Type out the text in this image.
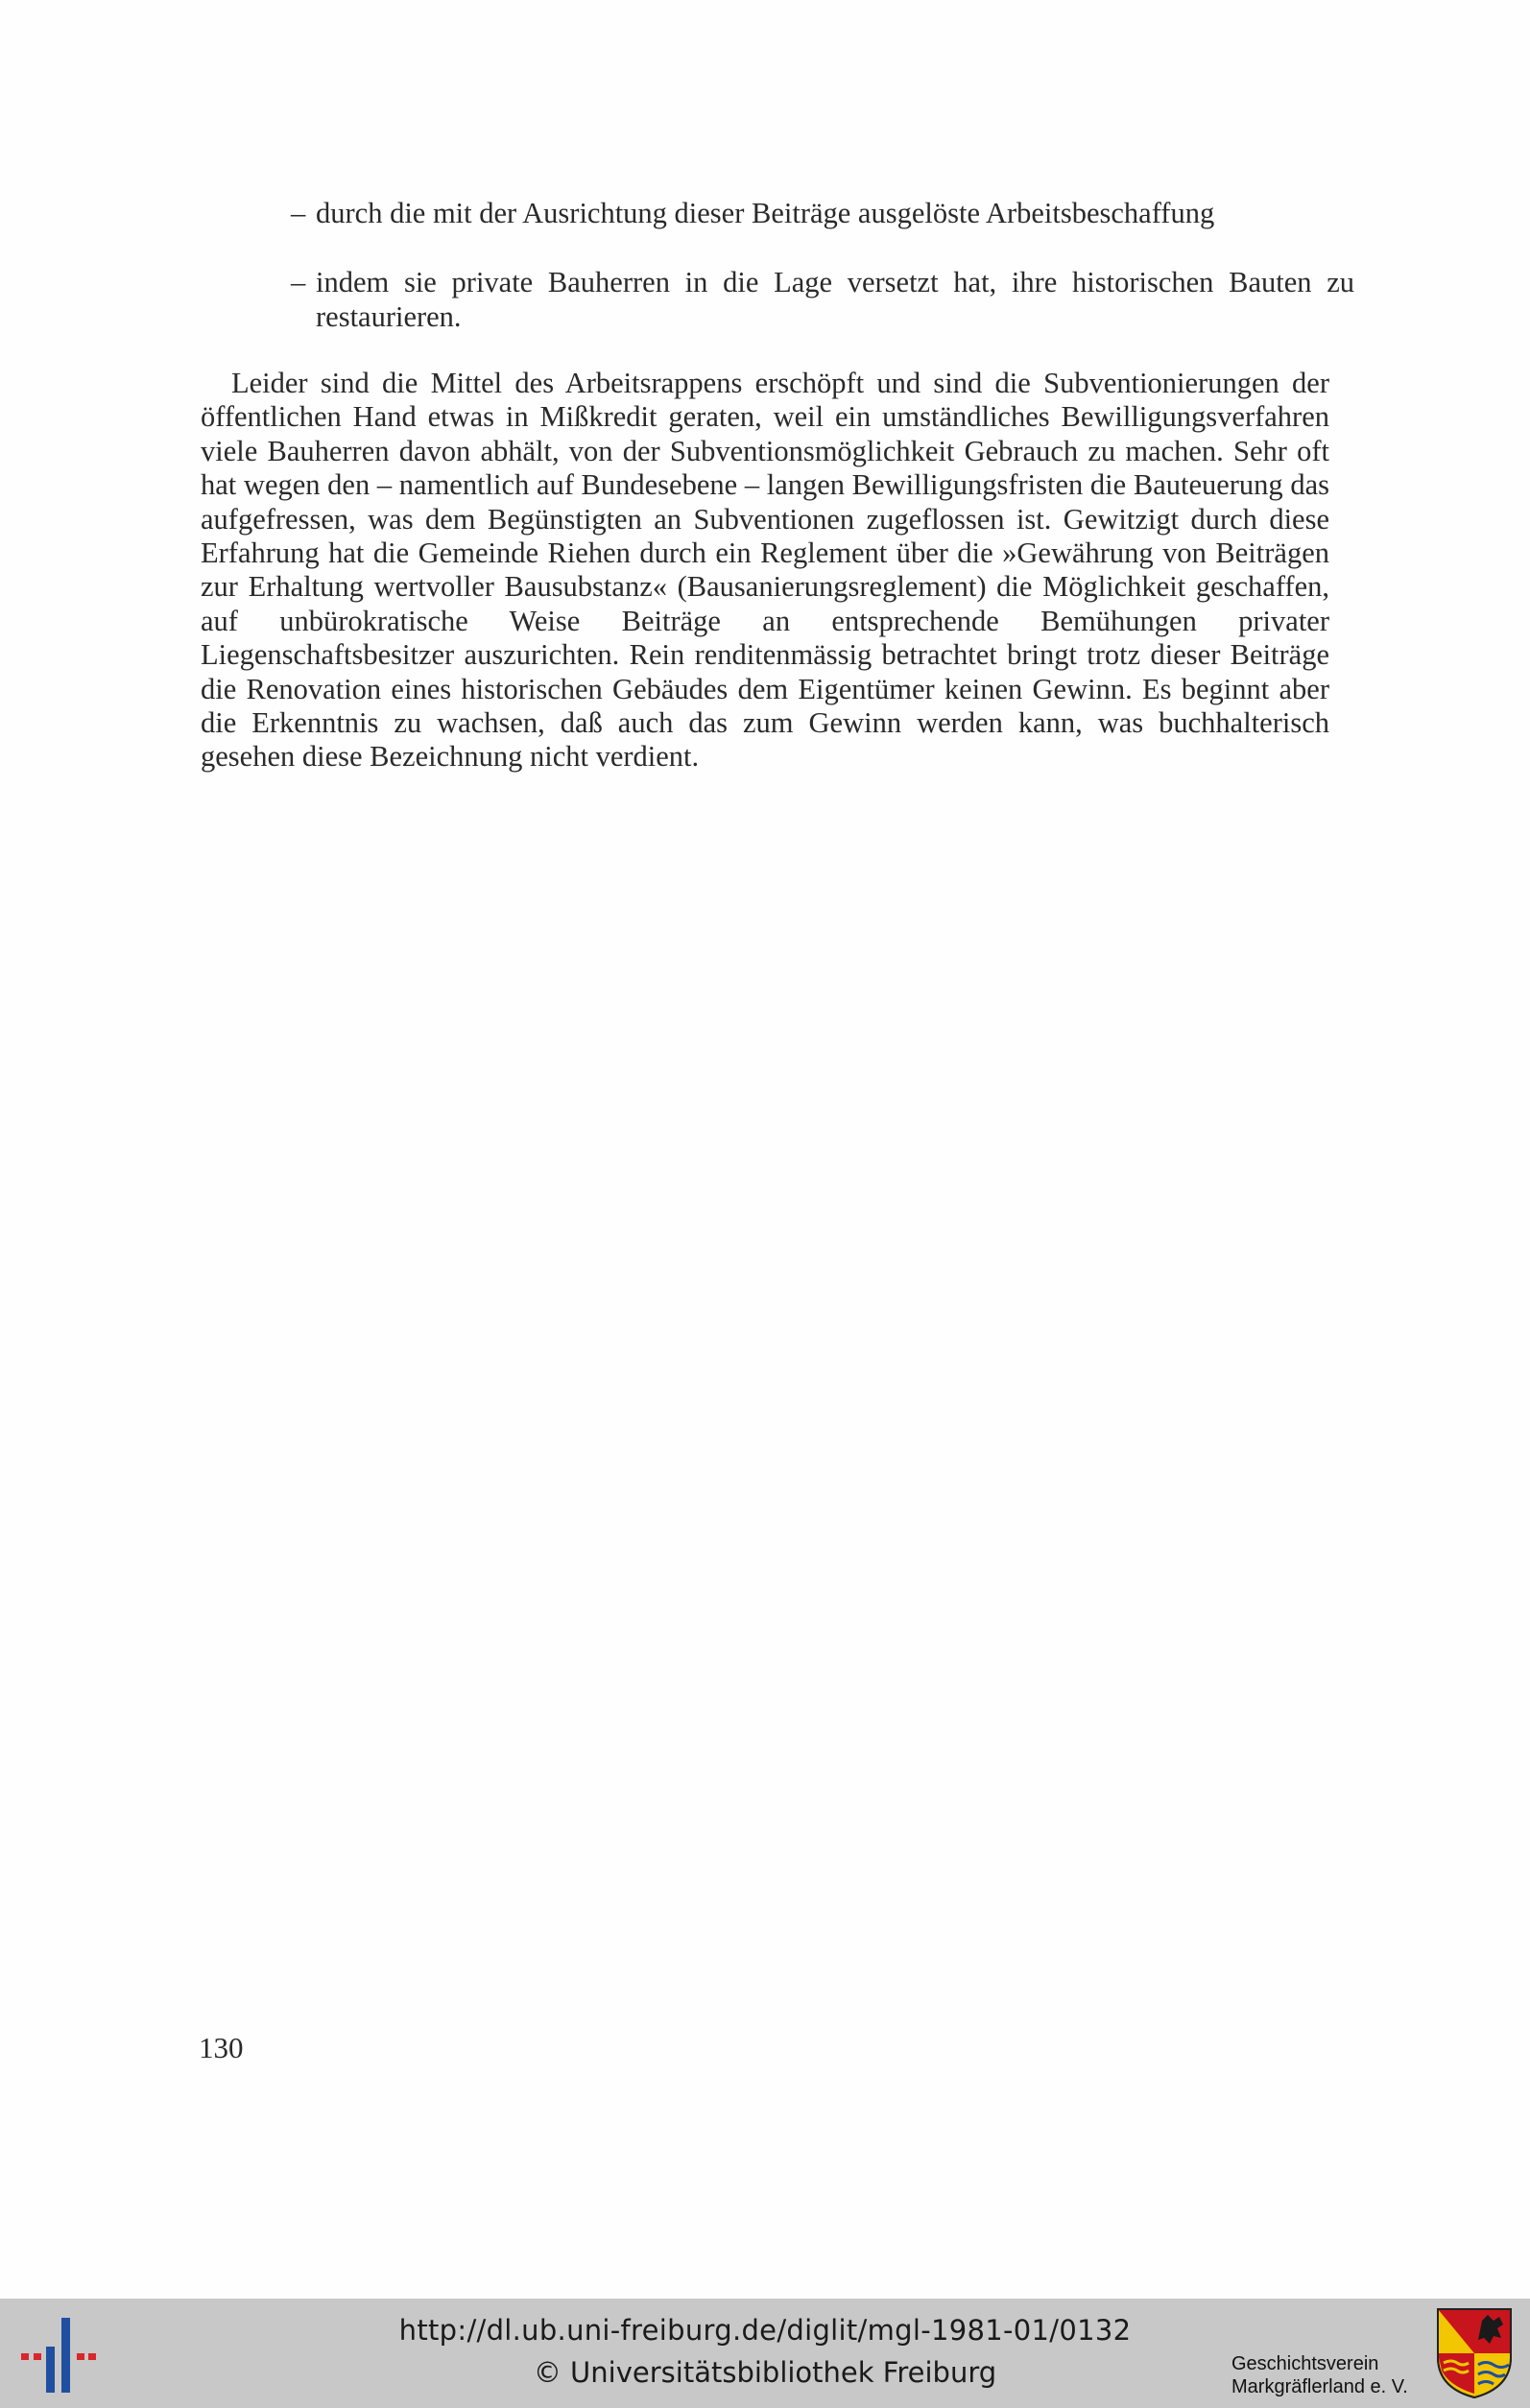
– durch die mit der Ausrichtung dieser Beiträge ausgelöste Arbeitsbeschaffung
– indem sie private Bauherren in die Lage versetzt hat, ihre historischen Bauten zu restaurieren.

Leider sind die Mittel des Arbeitsrappens erschöpft und sind die Subventionierungen der öffentlichen Hand etwas in Mißkredit geraten, weil ein umständliches Bewilligungsverfahren viele Bauherren davon abhält, von der Subventionsmöglichkeit Gebrauch zu machen. Sehr oft hat wegen den – namentlich auf Bundesebene – langen Bewilligungsfristen die Bauteuerung das aufgefressen, was dem Begünstigten an Subventionen zugeflossen ist. Gewitzigt durch diese Erfahrung hat die Gemeinde Riehen durch ein Reglement über die »Gewährung von Beiträgen zur Erhaltung wertvoller Bausubstanz« (Bausanierungsreglement) die Möglichkeit geschaffen, auf unbürokratische Weise Beiträge an entsprechende Bemühungen privater Liegenschaftsbesitzer auszurichten. Rein renditenmässig betrachtet bringt trotz dieser Beiträge die Renovation eines historischen Gebäudes dem Eigentümer keinen Gewinn. Es beginnt aber die Erkenntnis zu wachsen, daß auch das zum Gewinn werden kann, was buchhalterisch gesehen diese Bezeichnung nicht verdient.

130
http://dl.ub.uni-freiburg.de/diglit/mgl-1981-01/0132
© Universitätsbibliothek Freiburg	Geschichtsverein
Markgräflerland e. V.
